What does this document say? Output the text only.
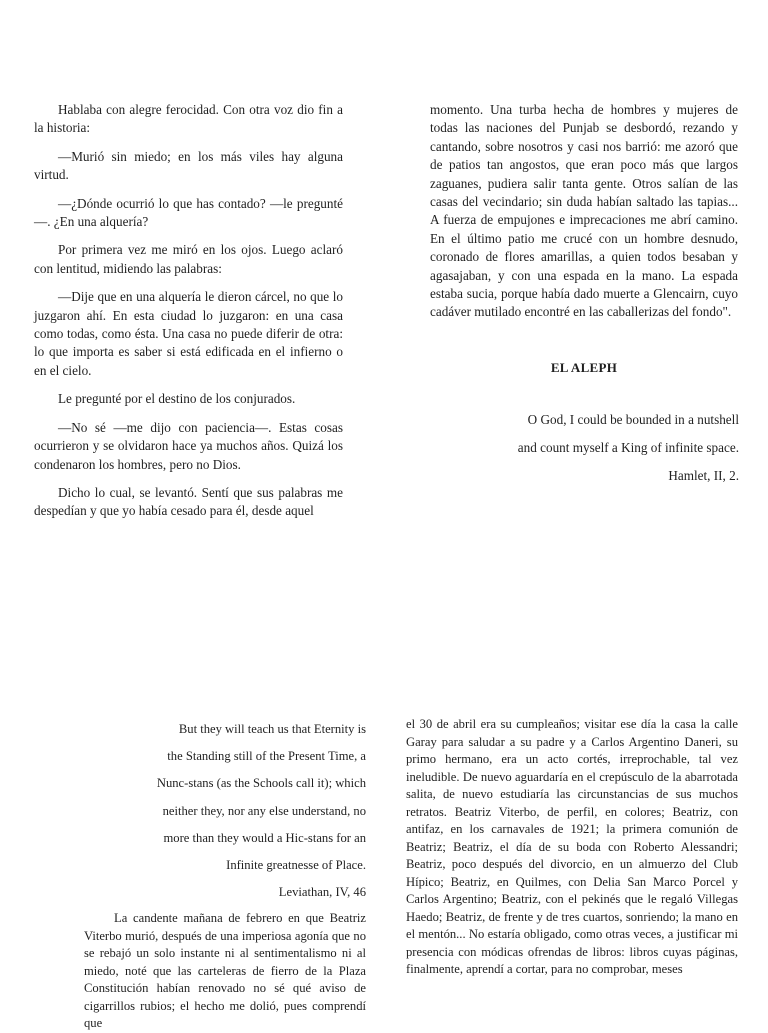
Hablaba con alegre ferocidad. Con otra voz dio fin a la historia:

—Murió sin miedo; en los más viles hay alguna virtud.

—¿Dónde ocurrió lo que has contado? —le pregunté—. ¿En una alquería?

Por primera vez me miró en los ojos. Luego aclaró con lentitud, midiendo las palabras:

—Dije que en una alquería le dieron cárcel, no que lo juzgaron ahí. En esta ciudad lo juzgaron: en una casa como todas, como ésta. Una casa no puede diferir de otra: lo que importa es saber si está edificada en el infierno o en el cielo.

Le pregunté por el destino de los conjurados.

—No sé —me dijo con paciencia—. Estas cosas ocurrieron y se olvidaron hace ya muchos años. Quizá los condenaron los hombres, pero no Dios.

Dicho lo cual, se levantó. Sentí que sus palabras me despedían y que yo había cesado para él, desde aquel

momento. Una turba hecha de hombres y mujeres de todas las naciones del Punjab se desbordó, rezando y cantando, sobre nosotros y casi nos barrió: me azoró que de patios tan angostos, que eran poco más que largos zaguanes, pudiera salir tanta gente. Otros salían de las casas del vecindario; sin duda habían saltado las tapias... A fuerza de empujones e imprecaciones me abrí camino. En el último patio me crucé con un hombre desnudo, coronado de flores amarillas, a quien todos besaban y agasajaban, y con una espada en la mano. La espada estaba sucia, porque había dado muerte a Glencairn, cuyo cadáver mutilado encontré en las caballerizas del fondo".

EL ALEPH
O God, I could be bounded in a nutshell
and count myself a King of infinite space.
Hamlet, II, 2.

But they will teach us that Eternity is

the Standing still of the Present Time, a

Nunc-stans (as the Schools call it); which

neither they, nor any else understand, no

more than they would a Hic-stans for an

Infinite greatnesse of Place.

Leviathan, IV, 46

La candente mañana de febrero en que Beatriz Viterbo murió, después de una imperiosa agonía que no se rebajó un solo instante ni al sentimentalismo ni al miedo, noté que las carteleras de fierro de la Plaza Constitución habían renovado no sé qué aviso de cigarrillos rubios; el hecho me dolió, pues comprendí que

el 30 de abril era su cumpleaños; visitar ese día la casa la calle Garay para saludar a su padre y a Carlos Argentino Daneri, su primo hermano, era un acto cortés, irreprochable, tal vez ineludible. De nuevo aguardaría en el crepúsculo de la abarrotada salita, de nuevo estudiaría las circunstancias de sus muchos retratos. Beatriz Viterbo, de perfil, en colores; Beatriz, con antifaz, en los carnavales de 1921; la primera comunión de Beatriz; Beatriz, el día de su boda con Roberto Alessandri; Beatriz, poco después del divorcio, en un almuerzo del Club Hípico; Beatriz, en Quilmes, con Delia San Marco Porcel y Carlos Argentino; Beatriz, con el pekinés que le regaló Villegas Haedo; Beatriz, de frente y de tres cuartos, sonriendo; la mano en el mentón... No estaría obligado, como otras veces, a justificar mi presencia con módicas ofrendas de libros: libros cuyas páginas, finalmente, aprendí a cortar, para no comprobar, meses
